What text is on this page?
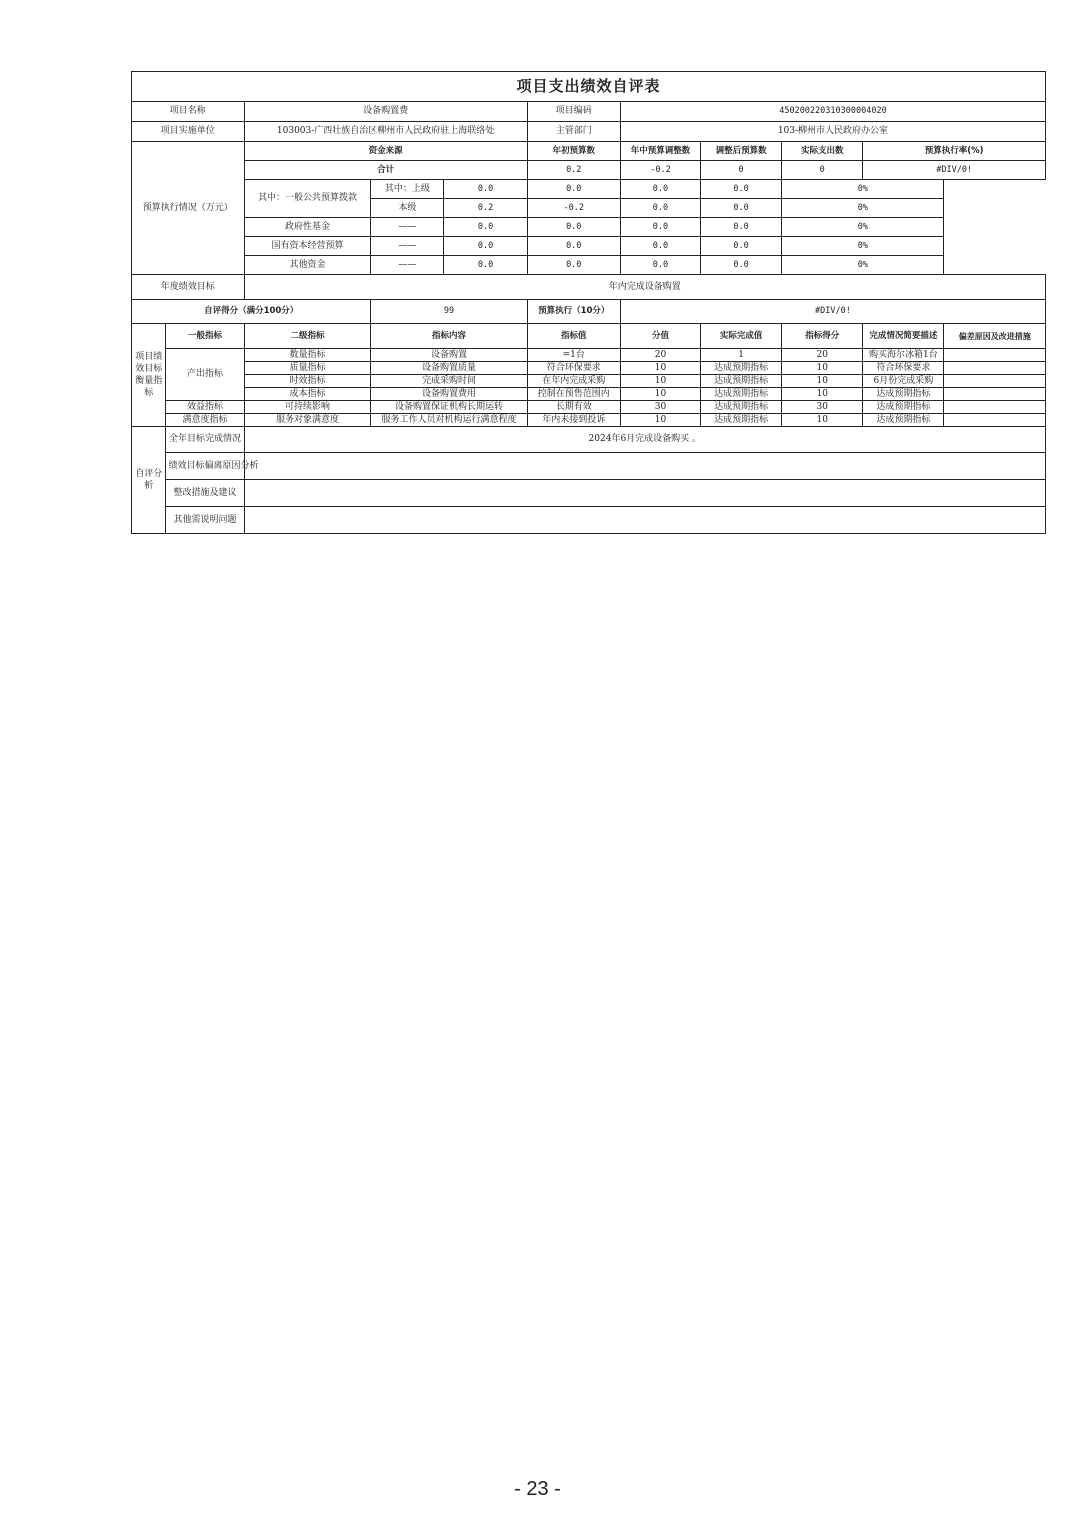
项目支出绩效自评表										
项目名称		设备购置费			项目编码	450200220310300004020				
项目实施单位		103003-广西壮族自治区柳州市人民政府驻上海联络处			主管部门	103-柳州市人民政府办公室				
预算执行情况（万元）		资金来源			年初预算数	年中预算调整数	调整后预算数	实际支出数	预算执行率(%)	
		合计			0.2	-0.2	0	0	#DIV/0!	
		其中：一般公共预算拨款	其中：上级	0.0	0.0	0.0	0.0	0%		
			本级	0.2	-0.2	0.0	0.0	0%		
		政府性基金	——	0.0	0.0	0.0	0.0	0%		
		国有资本经营预算	——	0.0	0.0	0.0	0.0	0%		
		其他资金	——	0.0	0.0	0.0	0.0	0%		
年度绩效目标		年内完成设备购置								
自评得分（满分100分）			99		预算执行（10分）	#DIV/0!				
项目绩效目标衡量指标	一般指标	二级指标	指标内容		指标值	分值	实际完成值	指标得分	完成情况简要描述	偏差原因及改进措施
	产出指标	数量指标	设备购置		=1台	20	1	20	购买海尔冰箱1台	
		质量指标	设备购置质量		符合环保要求	10	达成预期指标	10	符合环保要求	
		时效指标	完成采购时间		在年内完成采购	10	达成预期指标	10	6月份完成采购	
		成本指标	设备购置费用		控制在预售范围内	10	达成预期指标	10	达成预期指标	
	效益指标	可持续影响	设备购置保证机构长期运转		长期有效	30	达成预期指标	30	达成预期指标	
	满意度指标	服务对象满意度	服务工作人员对机构运行满意程度		年内未接到投诉	10	达成预期指标	10	达成预期指标	
自评分析	全年目标完成情况	2024年6月完成设备购买 。								
	绩效目标偏离原因分析									
	整改措施及建议									
	其他需说明问题									
- 23 -
